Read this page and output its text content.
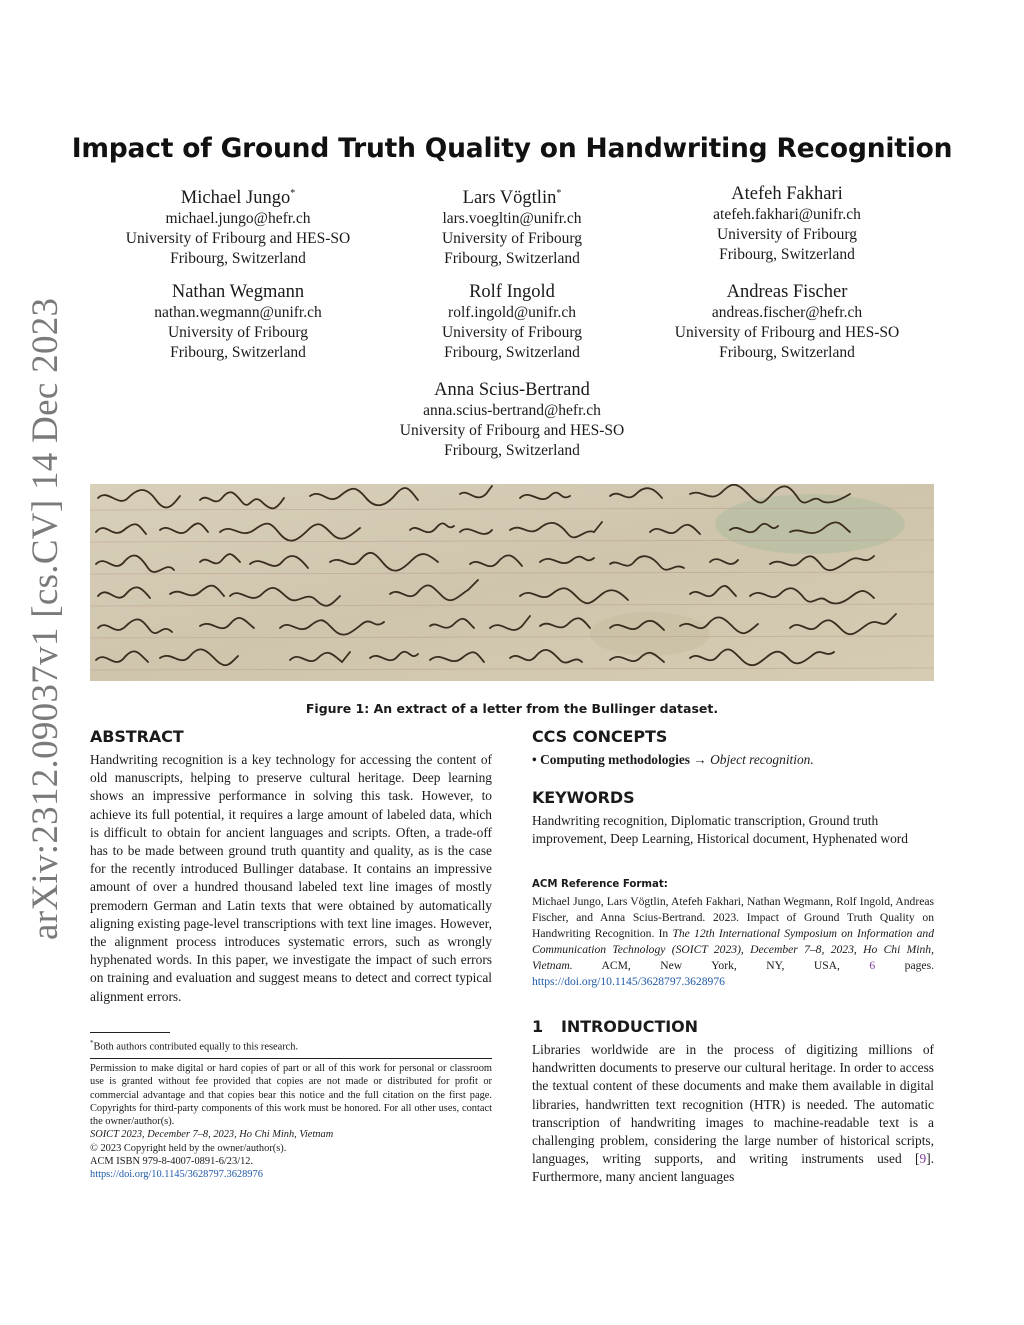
arXiv:2312.09037v1 [cs.CV] 14 Dec 2023
Impact of Ground Truth Quality on Handwriting Recognition
Michael Jungo*
michael.jungo@hefr.ch
University of Fribourg and HES-SO
Fribourg, Switzerland
Lars Vögtlin*
lars.voegltin@unifr.ch
University of Fribourg
Fribourg, Switzerland
Atefeh Fakhari
atefeh.fakhari@unifr.ch
University of Fribourg
Fribourg, Switzerland
Nathan Wegmann
nathan.wegmann@unifr.ch
University of Fribourg
Fribourg, Switzerland
Rolf Ingold
rolf.ingold@unifr.ch
University of Fribourg
Fribourg, Switzerland
Andreas Fischer
andreas.fischer@hefr.ch
University of Fribourg and HES-SO
Fribourg, Switzerland
Anna Scius-Bertrand
anna.scius-bertrand@hefr.ch
University of Fribourg and HES-SO
Fribourg, Switzerland
Figure 1: An extract of a letter from the Bullinger dataset.
ABSTRACT
Handwriting recognition is a key technology for accessing the content of old manuscripts, helping to preserve cultural heritage. Deep learning shows an impressive performance in solving this task. However, to achieve its full potential, it requires a large amount of labeled data, which is difficult to obtain for ancient languages and scripts. Often, a trade-off has to be made between ground truth quantity and quality, as is the case for the recently introduced Bullinger database. It contains an impressive amount of over a hundred thousand labeled text line images of mostly premodern German and Latin texts that were obtained by automatically aligning existing page-level transcriptions with text line images. However, the alignment process introduces systematic errors, such as wrongly hyphenated words. In this paper, we investigate the impact of such errors on training and evaluation and suggest means to detect and correct typical alignment errors.
*Both authors contributed equally to this research.
Permission to make digital or hard copies of part or all of this work for personal or classroom use is granted without fee provided that copies are not made or distributed for profit or commercial advantage and that copies bear this notice and the full citation on the first page. Copyrights for third-party components of this work must be honored. For all other uses, contact the owner/author(s).
SOICT 2023, December 7–8, 2023, Ho Chi Minh, Vietnam
© 2023 Copyright held by the owner/author(s).
ACM ISBN 979-8-4007-0891-6/23/12.
https://doi.org/10.1145/3628797.3628976
CCS CONCEPTS
• Computing methodologies → Object recognition.
KEYWORDS
Handwriting recognition, Diplomatic transcription, Ground truth improvement, Deep Learning, Historical document, Hyphenated word
ACM Reference Format:
Michael Jungo, Lars Vögtlin, Atefeh Fakhari, Nathan Wegmann, Rolf Ingold, Andreas Fischer, and Anna Scius-Bertrand. 2023. Impact of Ground Truth Quality on Handwriting Recognition. In The 12th International Symposium on Information and Communication Technology (SOICT 2023), December 7–8, 2023, Ho Chi Minh, Vietnam. ACM, New York, NY, USA, 6 pages. https://doi.org/10.1145/3628797.3628976
1 INTRODUCTION
Libraries worldwide are in the process of digitizing millions of handwritten documents to preserve our cultural heritage. In order to access the textual content of these documents and make them available in digital libraries, handwritten text recognition (HTR) is needed. The automatic transcription of handwriting images to machine-readable text is a challenging problem, considering the large number of historical scripts, languages, writing supports, and writing instruments used [9]. Furthermore, many ancient languages
